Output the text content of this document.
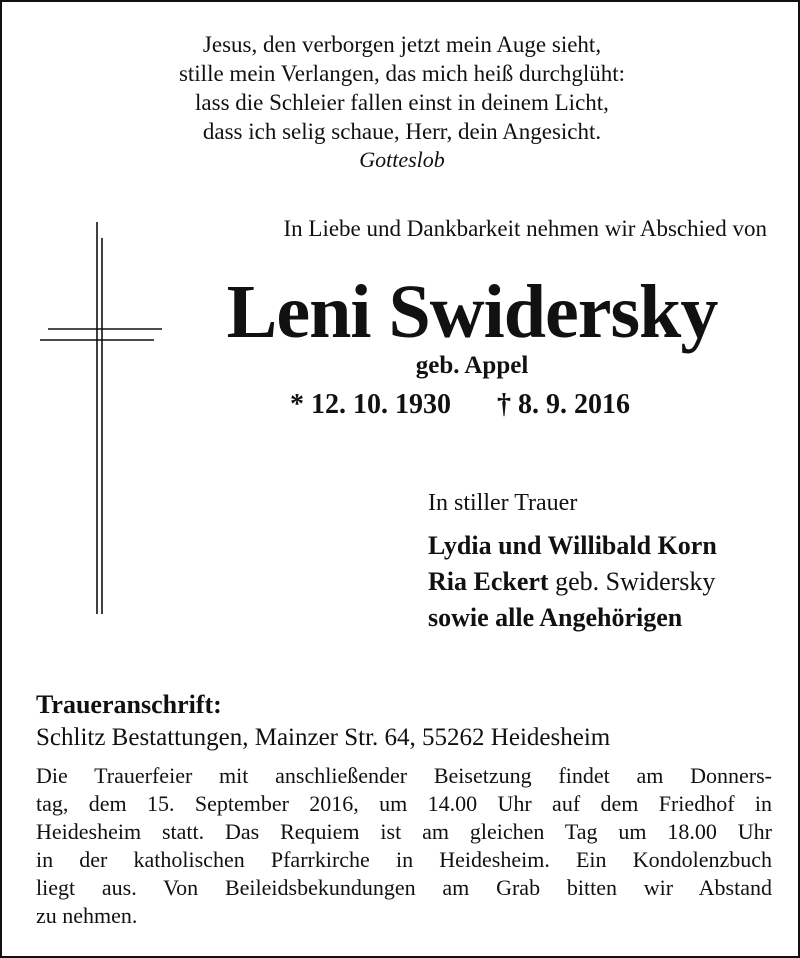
Jesus, den verborgen jetzt mein Auge sieht,
stille mein Verlangen, das mich heiß durchglüht:
lass die Schleier fallen einst in deinem Licht,
dass ich selig schaue, Herr, dein Angesicht.
Gotteslob
In Liebe und Dankbarkeit nehmen wir Abschied von
Leni Swidersky
geb. Appel
* 12. 10. 1930 † 8. 9. 2016
In stiller Trauer
Lydia und Willibald Korn
Ria Eckert geb. Swidersky
sowie alle Angehörigen
Traueranschrift:
Schlitz Bestattungen, Mainzer Str. 64, 55262 Heidesheim
Die Trauerfeier mit anschließender Beisetzung findet am Donners-
tag, dem 15. September 2016, um 14.00 Uhr auf dem Friedhof in
Heidesheim statt. Das Requiem ist am gleichen Tag um 18.00 Uhr
in der katholischen Pfarrkirche in Heidesheim. Ein Kondolenzbuch
liegt aus. Von Beileidsbekundungen am Grab bitten wir Abstand
zu nehmen.
